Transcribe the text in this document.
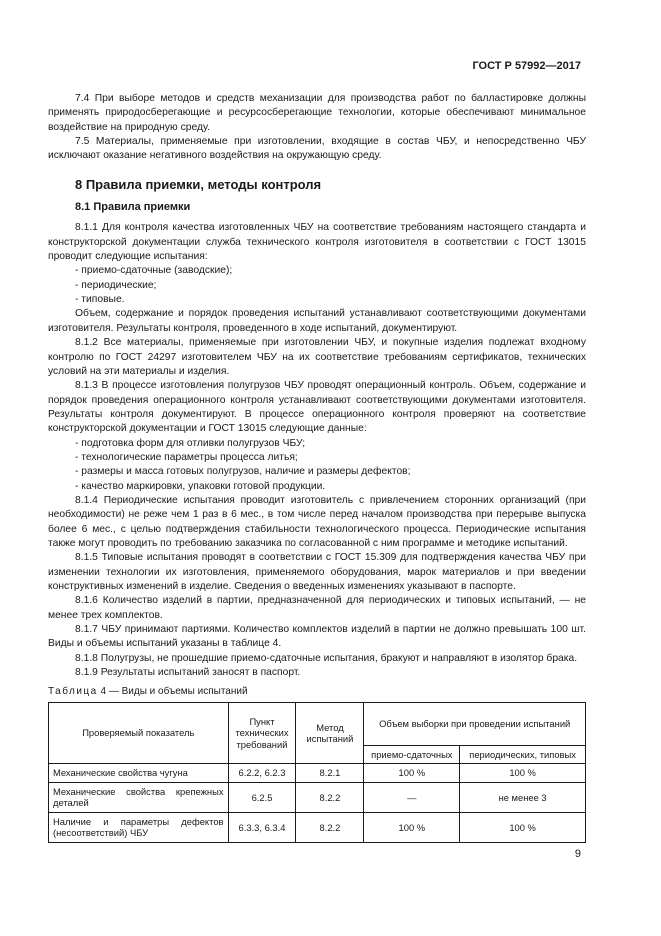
ГОСТ Р 57992—2017

7.4 При выборе методов и средств механизации для производства работ по балластировке должны применять природосберегающие и ресурсосберегающие технологии, которые обеспечивают минимальное воздействие на природную среду.

7.5 Материалы, применяемые при изготовлении, входящие в состав ЧБУ, и непосредственно ЧБУ исключают оказание негативного воздействия на окружающую среду.

8 Правила приемки, методы контроля
8.1 Правила приемки

8.1.1 Для контроля качества изготовленных ЧБУ на соответствие требованиям настоящего стандарта и конструкторской документации служба технического контроля изготовителя в соответствии с ГОСТ 13015 проводит следующие испытания:

- приемо-сдаточные (заводские);

- периодические;

- типовые.

Объем, содержание и порядок проведения испытаний устанавливают соответствующими документами изготовителя. Результаты контроля, проведенного в ходе испытаний, документируют.

8.1.2 Все материалы, применяемые при изготовлении ЧБУ, и покупные изделия подлежат входному контролю по ГОСТ 24297 изготовителем ЧБУ на их соответствие требованиям сертификатов, технических условий на эти материалы и изделия.

8.1.3 В процессе изготовления полугрузов ЧБУ проводят операционный контроль. Объем, содержание и порядок проведения операционного контроля устанавливают соответствующими документами изготовителя. Результаты контроля документируют. В процессе операционного контроля проверяют на соответствие конструкторской документации и ГОСТ 13015 следующие данные:

- подготовка форм для отливки полугрузов ЧБУ;

- технологические параметры процесса литья;

- размеры и масса готовых полугрузов, наличие и размеры дефектов;

- качество маркировки, упаковки готовой продукции.

8.1.4 Периодические испытания проводит изготовитель с привлечением сторонних организаций (при необходимости) не реже чем 1 раз в 6 мес., в том числе перед началом производства при перерыве выпуска более 6 мес., с целью подтверждения стабильности технологического процесса. Периодические испытания также могут проводить по требованию заказчика по согласованной с ним программе и методике испытаний.

8.1.5 Типовые испытания проводят в соответствии с ГОСТ 15.309 для подтверждения качества ЧБУ при изменении технологии их изготовления, применяемого оборудования, марок материалов и при введении конструктивных изменений в изделие. Сведения о введенных изменениях указывают в паспорте.

8.1.6 Количество изделий в партии, предназначенной для периодических и типовых испытаний, — не менее трех комплектов.

8.1.7 ЧБУ принимают партиями. Количество комплектов изделий в партии не должно превышать 100 шт. Виды и объемы испытаний указаны в таблице 4.

8.1.8 Полугрузы, не прошедшие приемо-сдаточные испытания, бракуют и направляют в изолятор брака.

8.1.9 Результаты испытаний заносят в паспорт.

Таблица 4 — Виды и объемы испытаний
Проверяемый показатель	Пункт технических требований	Метод испытаний	Объем выборки при проведении испытаний	
			приемо-сдаточных	периодических, типовых
Механические свойства чугуна	6.2.2, 6.2.3	8.2.1	100 %	100 %
Механические свойства крепежных деталей	6.2.5	8.2.2	—	не менее 3
Наличие и параметры дефектов (несоответствий) ЧБУ	6.3.3, 6.3.4	8.2.2	100 %	100 %
9
